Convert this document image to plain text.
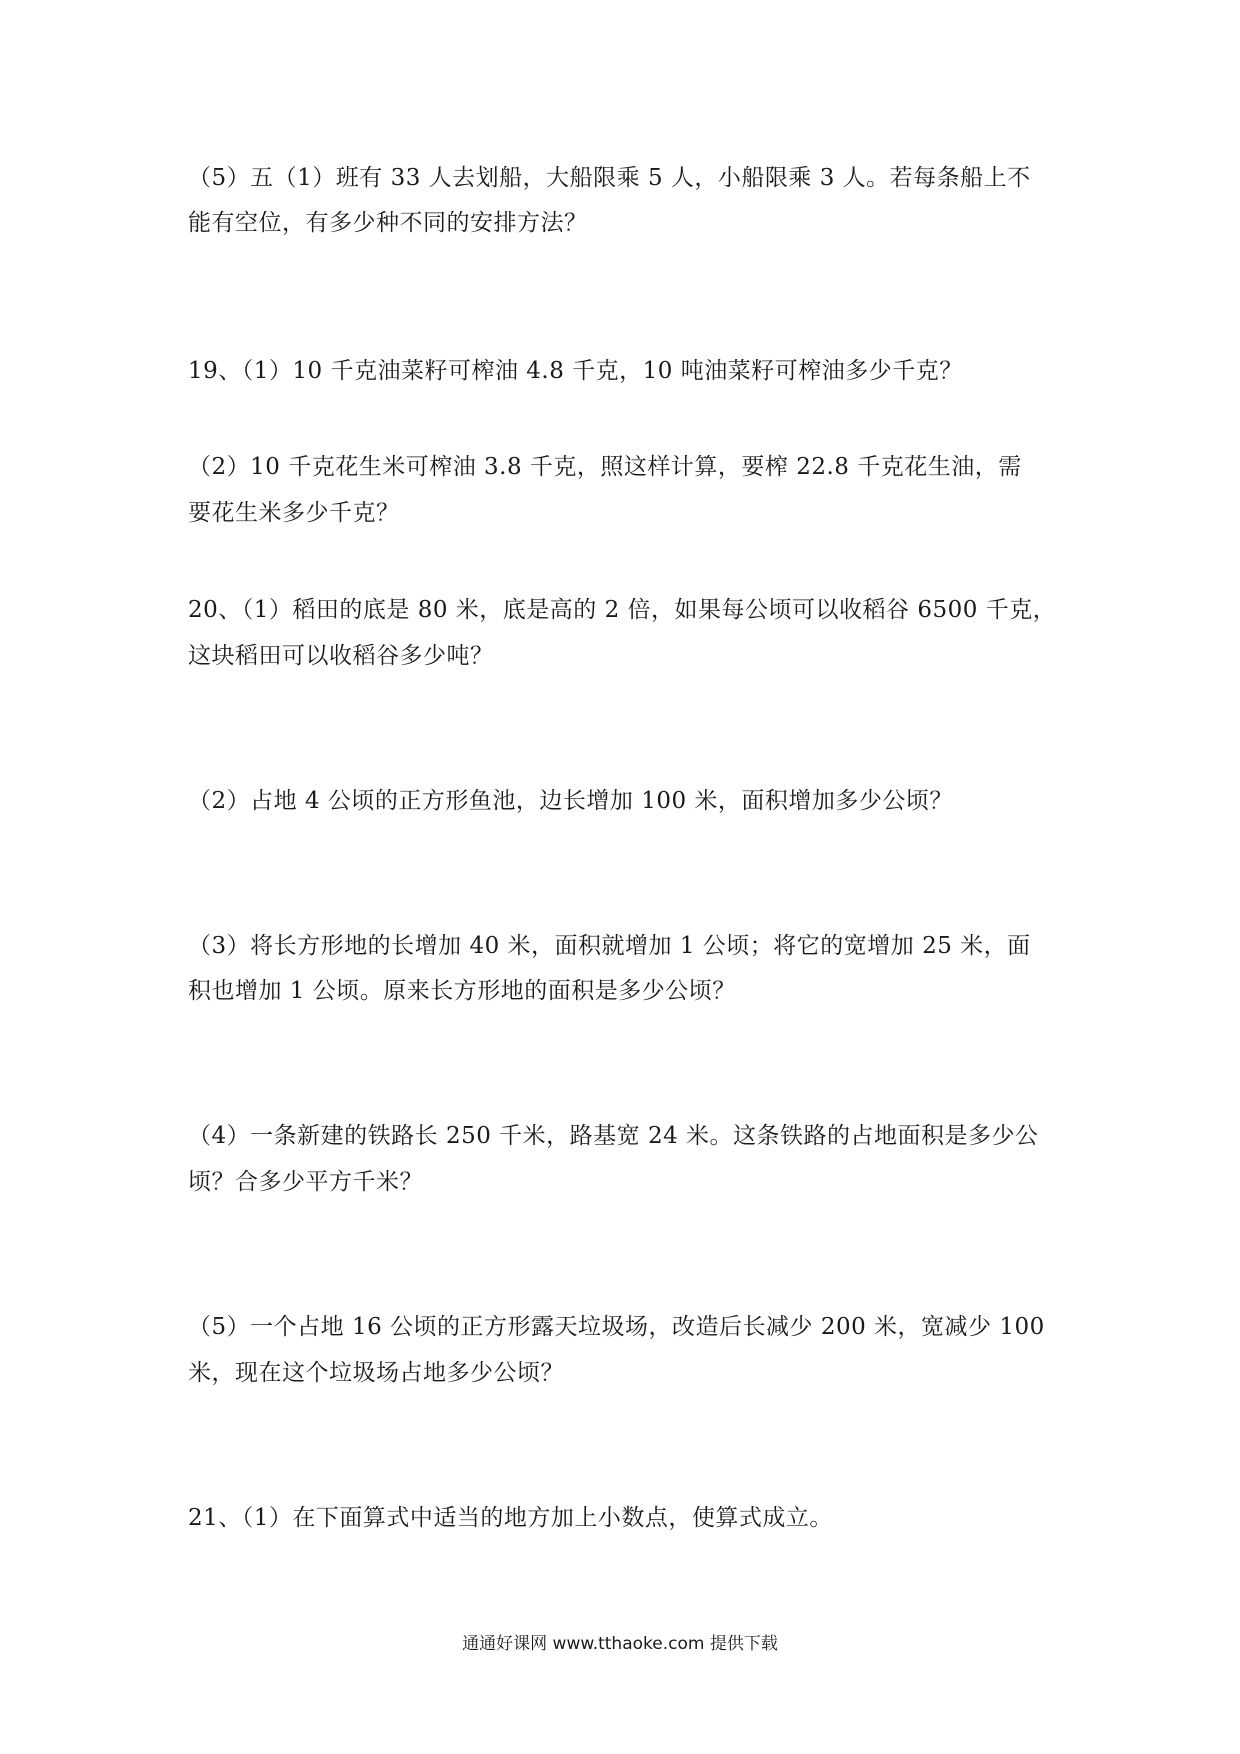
（5）五（1）班有 33 人去划船，大船限乘 5 人，小船限乘 3 人。若每条船上不
能有空位，有多少种不同的安排方法？
19、（1）10 千克油菜籽可榨油 4.8 千克，10 吨油菜籽可榨油多少千克？
（2）10 千克花生米可榨油 3.8 千克，照这样计算，要榨 22.8 千克花生油，需
要花生米多少千克？
20、（1）稻田的底是 80 米，底是高的 2 倍，如果每公顷可以收稻谷 6500 千克，
这块稻田可以收稻谷多少吨？
（2）占地 4 公顷的正方形鱼池，边长增加 100 米，面积增加多少公顷？
（3）将长方形地的长增加 40 米，面积就增加 1 公顷；将它的宽增加 25 米，面
积也增加 1 公顷。原来长方形地的面积是多少公顷？
（4）一条新建的铁路长 250 千米，路基宽 24 米。这条铁路的占地面积是多少公
顷？合多少平方千米？
（5）一个占地 16 公顷的正方形露天垃圾场，改造后长减少 200 米，宽减少 100
米，现在这个垃圾场占地多少公顷？
21、（1）在下面算式中适当的地方加上小数点，使算式成立。
通通好课网 www.tthaoke.com 提供下载
